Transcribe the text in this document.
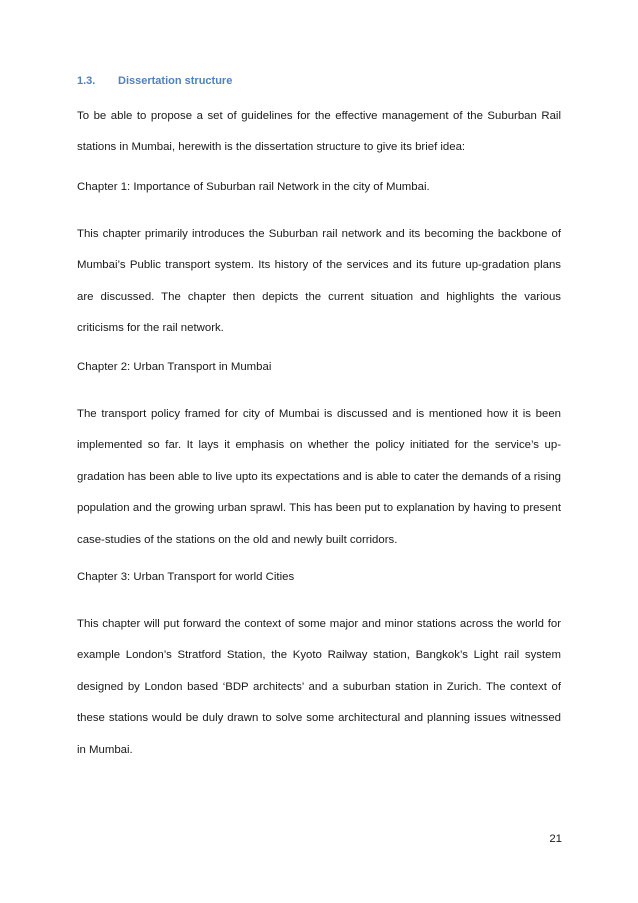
1.3. Dissertation structure

To be able to propose a set of guidelines for the effective management of the Suburban Rail stations in Mumbai, herewith is the dissertation structure to give its brief idea:

Chapter 1: Importance of Suburban rail Network in the city of Mumbai.

This chapter primarily introduces the Suburban rail network and its becoming the backbone of Mumbai’s Public transport system. Its history of the services and its future up-gradation plans are discussed. The chapter then depicts the current situation and highlights the various criticisms for the rail network.

Chapter 2: Urban Transport in Mumbai

The transport policy framed for city of Mumbai is discussed and is mentioned how it is been implemented so far. It lays it emphasis on whether the policy initiated for the service’s up-gradation has been able to live upto its expectations and is able to cater the demands of a rising population and the growing urban sprawl. This has been put to explanation by having to present case-studies of the stations on the old and newly built corridors.

Chapter 3: Urban Transport for world Cities

This chapter will put forward the context of some major and minor stations across the world for example London’s Stratford Station, the Kyoto Railway station, Bangkok’s Light rail system designed by London based ‘BDP architects’ and a suburban station in Zurich. The context of these stations would be duly drawn to solve some architectural and planning issues witnessed in Mumbai.

21
